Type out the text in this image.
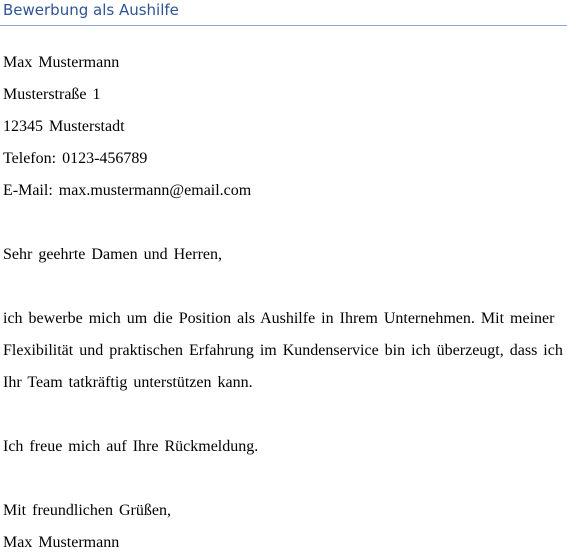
Bewerbung als Aushilfe
Max Mustermann
Musterstraße 1
12345 Musterstadt
Telefon: 0123-456789
E-Mail: max.mustermann@email.com
Sehr geehrte Damen und Herren,
ich bewerbe mich um die Position als Aushilfe in Ihrem Unternehmen. Mit meiner
Flexibilität und praktischen Erfahrung im Kundenservice bin ich überzeugt, dass ich
Ihr Team tatkräftig unterstützen kann.
Ich freue mich auf Ihre Rückmeldung.
Mit freundlichen Grüßen,
Max Mustermann
